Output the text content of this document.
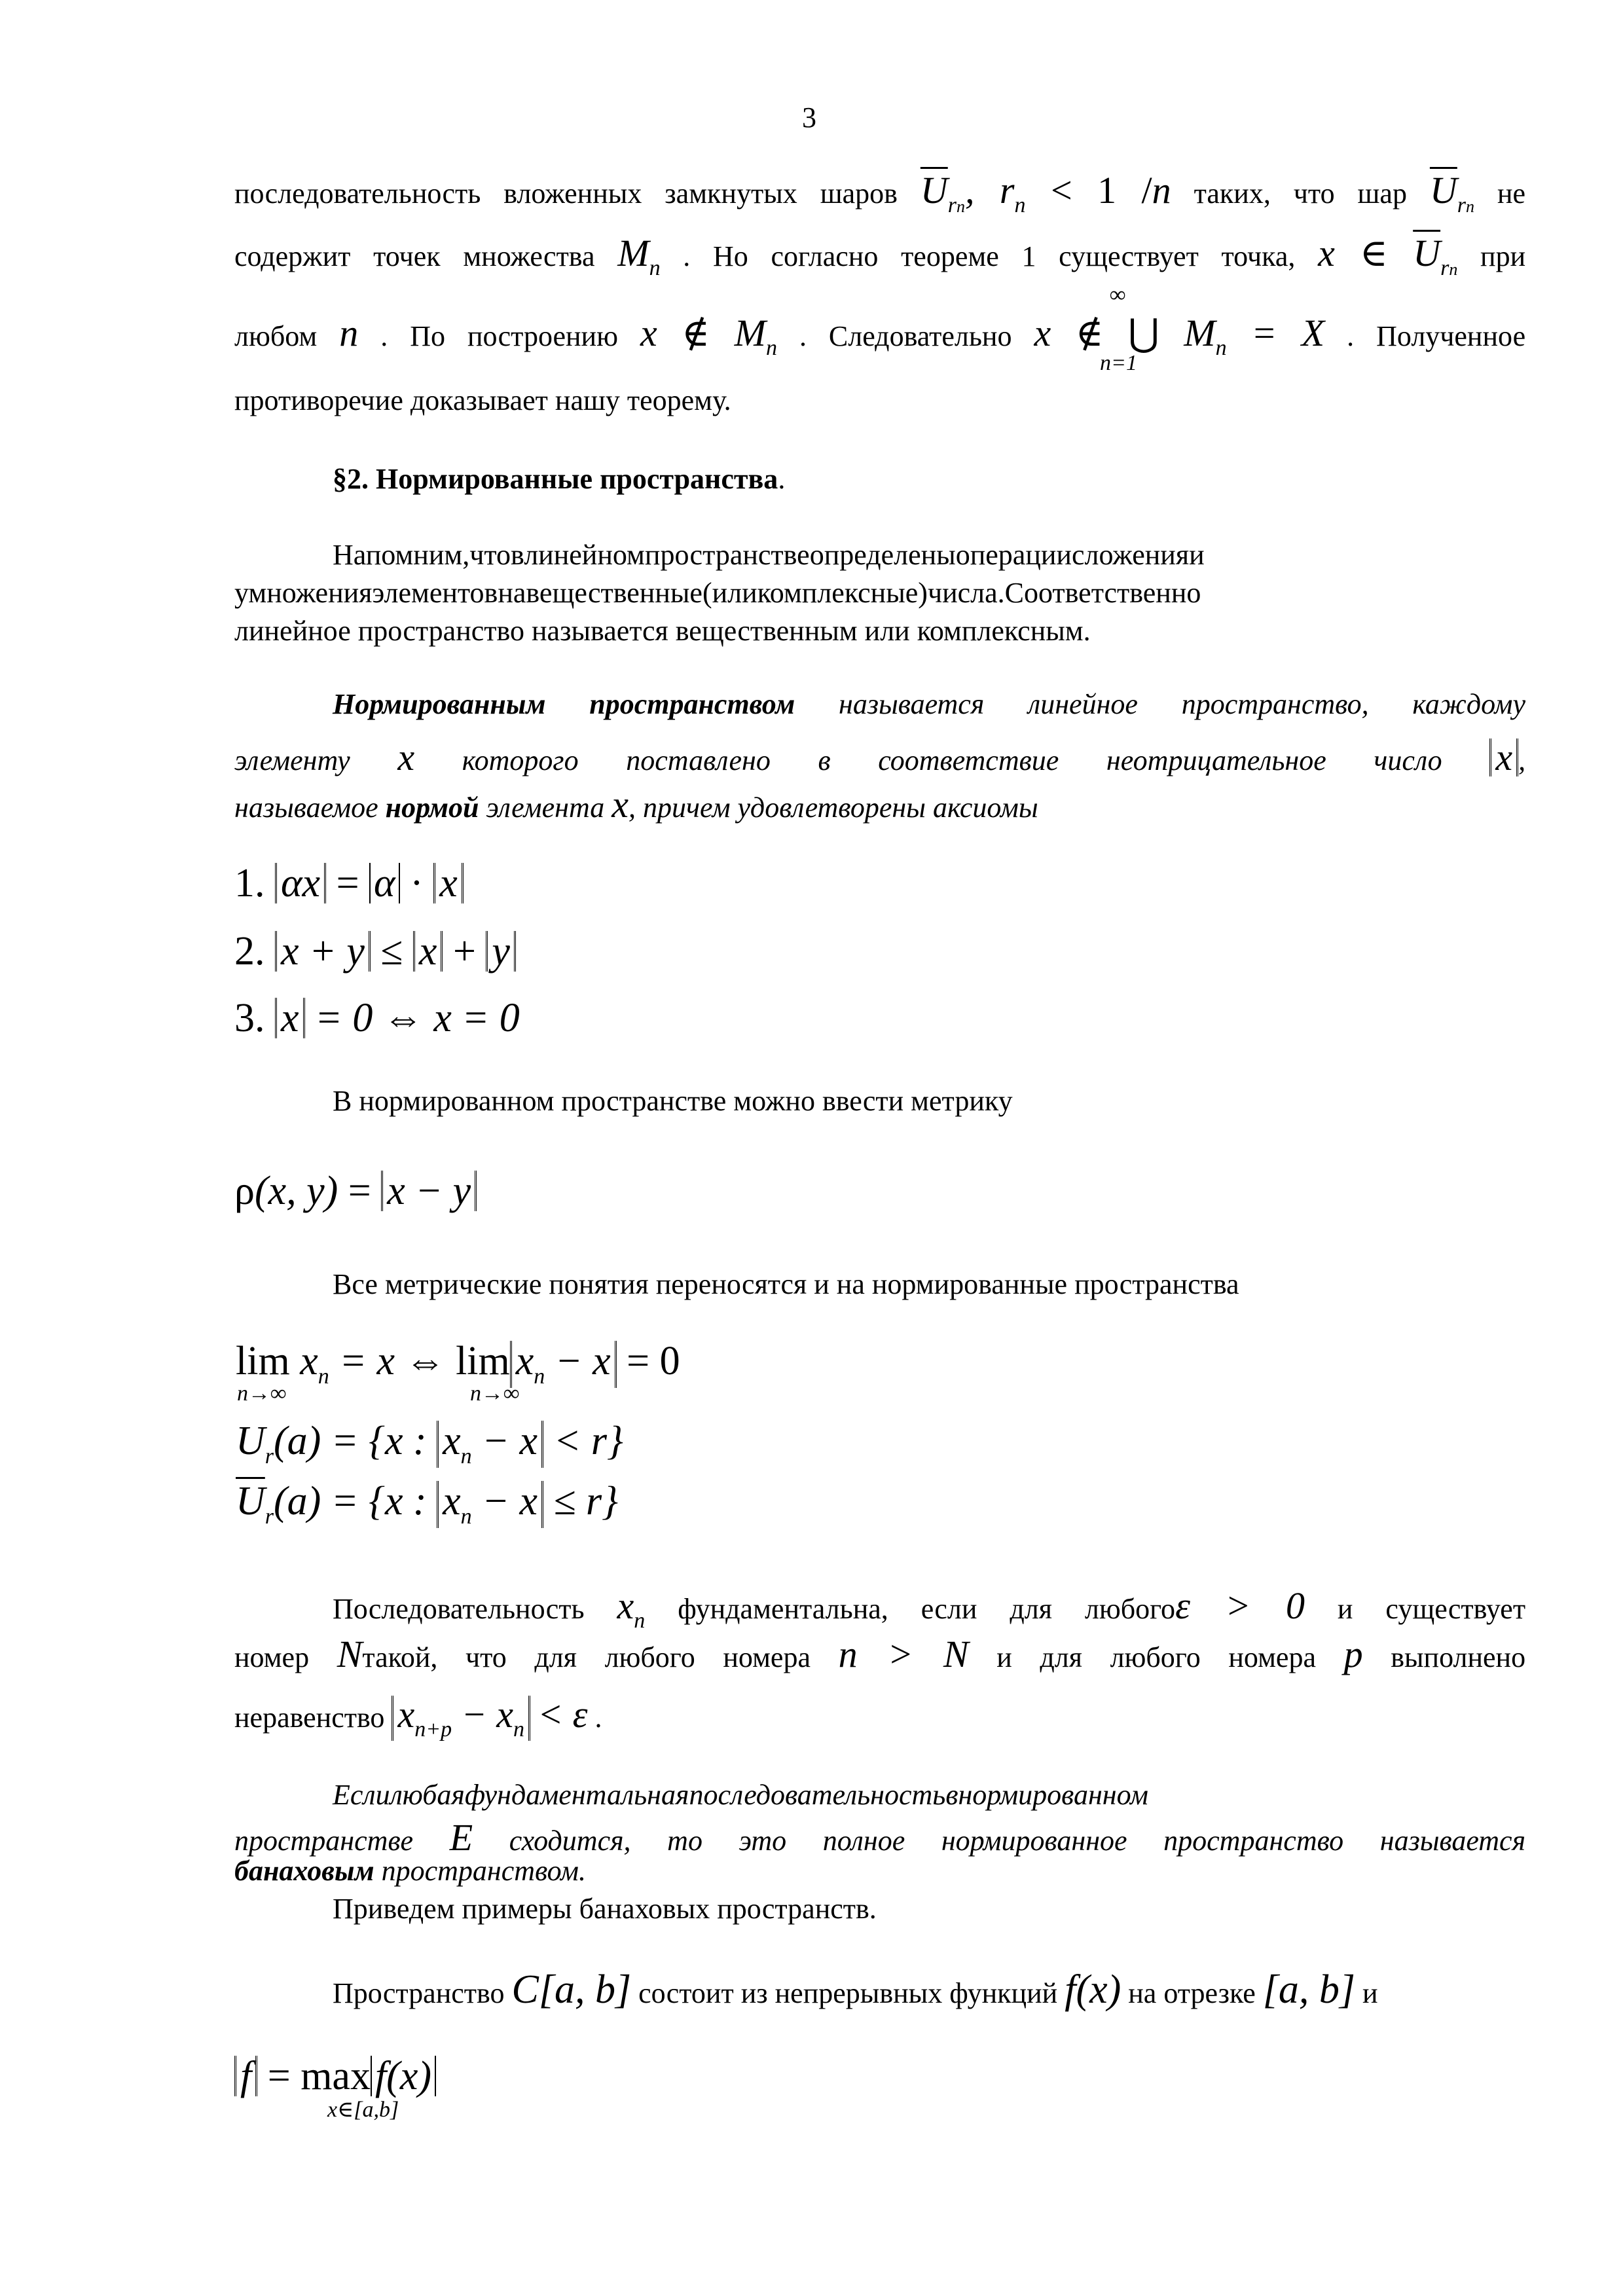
3
последовательность вложенных замкнутых шаров $\overline{U}_{rn}$, $r_n < 1$ /n таких, что шар $\overline{U}_{rn}$ не
содержит точек множества $M_n$ . Но согласно теореме 1 существует точка, x ∈ $\overline{U}_{rn}$ при
любом n . По построению x ∉ $M_n$ . Следовательно x ∉ ⋃ $M_n = X$ . Полученное
∞
n=1
противоречие доказывает нашу теорему.
§2. Нормированные пространства.
Напомним,чтовлинейномпространствеопределеныоперациисложенияи
умноженияэлементовнавещественные(иликомплексные)числа.Соответственно
линейное пространство называется вещественным или комплексным.
Нормированным пространством называется линейное пространство, каждому
элементу x которого поставлено в соответствие неотрицательное число x ,
называемое нормой элемента x, причем удовлетворены аксиомы
1. αx = α · x
2. x + y ≤ x + y
3. x = 0 ⇔ x = 0
В нормированном пространстве можно ввести метрику
ρ(x, y) = x − y
Все метрические понятия переносятся и на нормированные пространства
$\lim x_n = x$ ⇔ $\lim x_n - x = 0$
n→∞	n→∞
$U_r(a) = \{x$ : $x_n - x < r$}
$\overline{U}_r(a) = \{x$ : $x_n - x \le r$}
Последовательность $x_n$ фундаментальна, если для любогоε > 0 и существует
номер Nтакой, что для любого номера n > N и для любого номера p выполнено
неравенство $x_{n+p} - x_n < \varepsilon$ .
Еслилюбаяфундаментальнаяпоследовательностьвнормированном
пространстве E сходится, то это полное нормированное пространство называется
банаховым пространством.
Приведем примеры банаховых пространств.
Пространство C[a, b] состоит из непрерывных функций f(x) на отрезке [a, b] и
f = max f(x)
x∈[a,b]
